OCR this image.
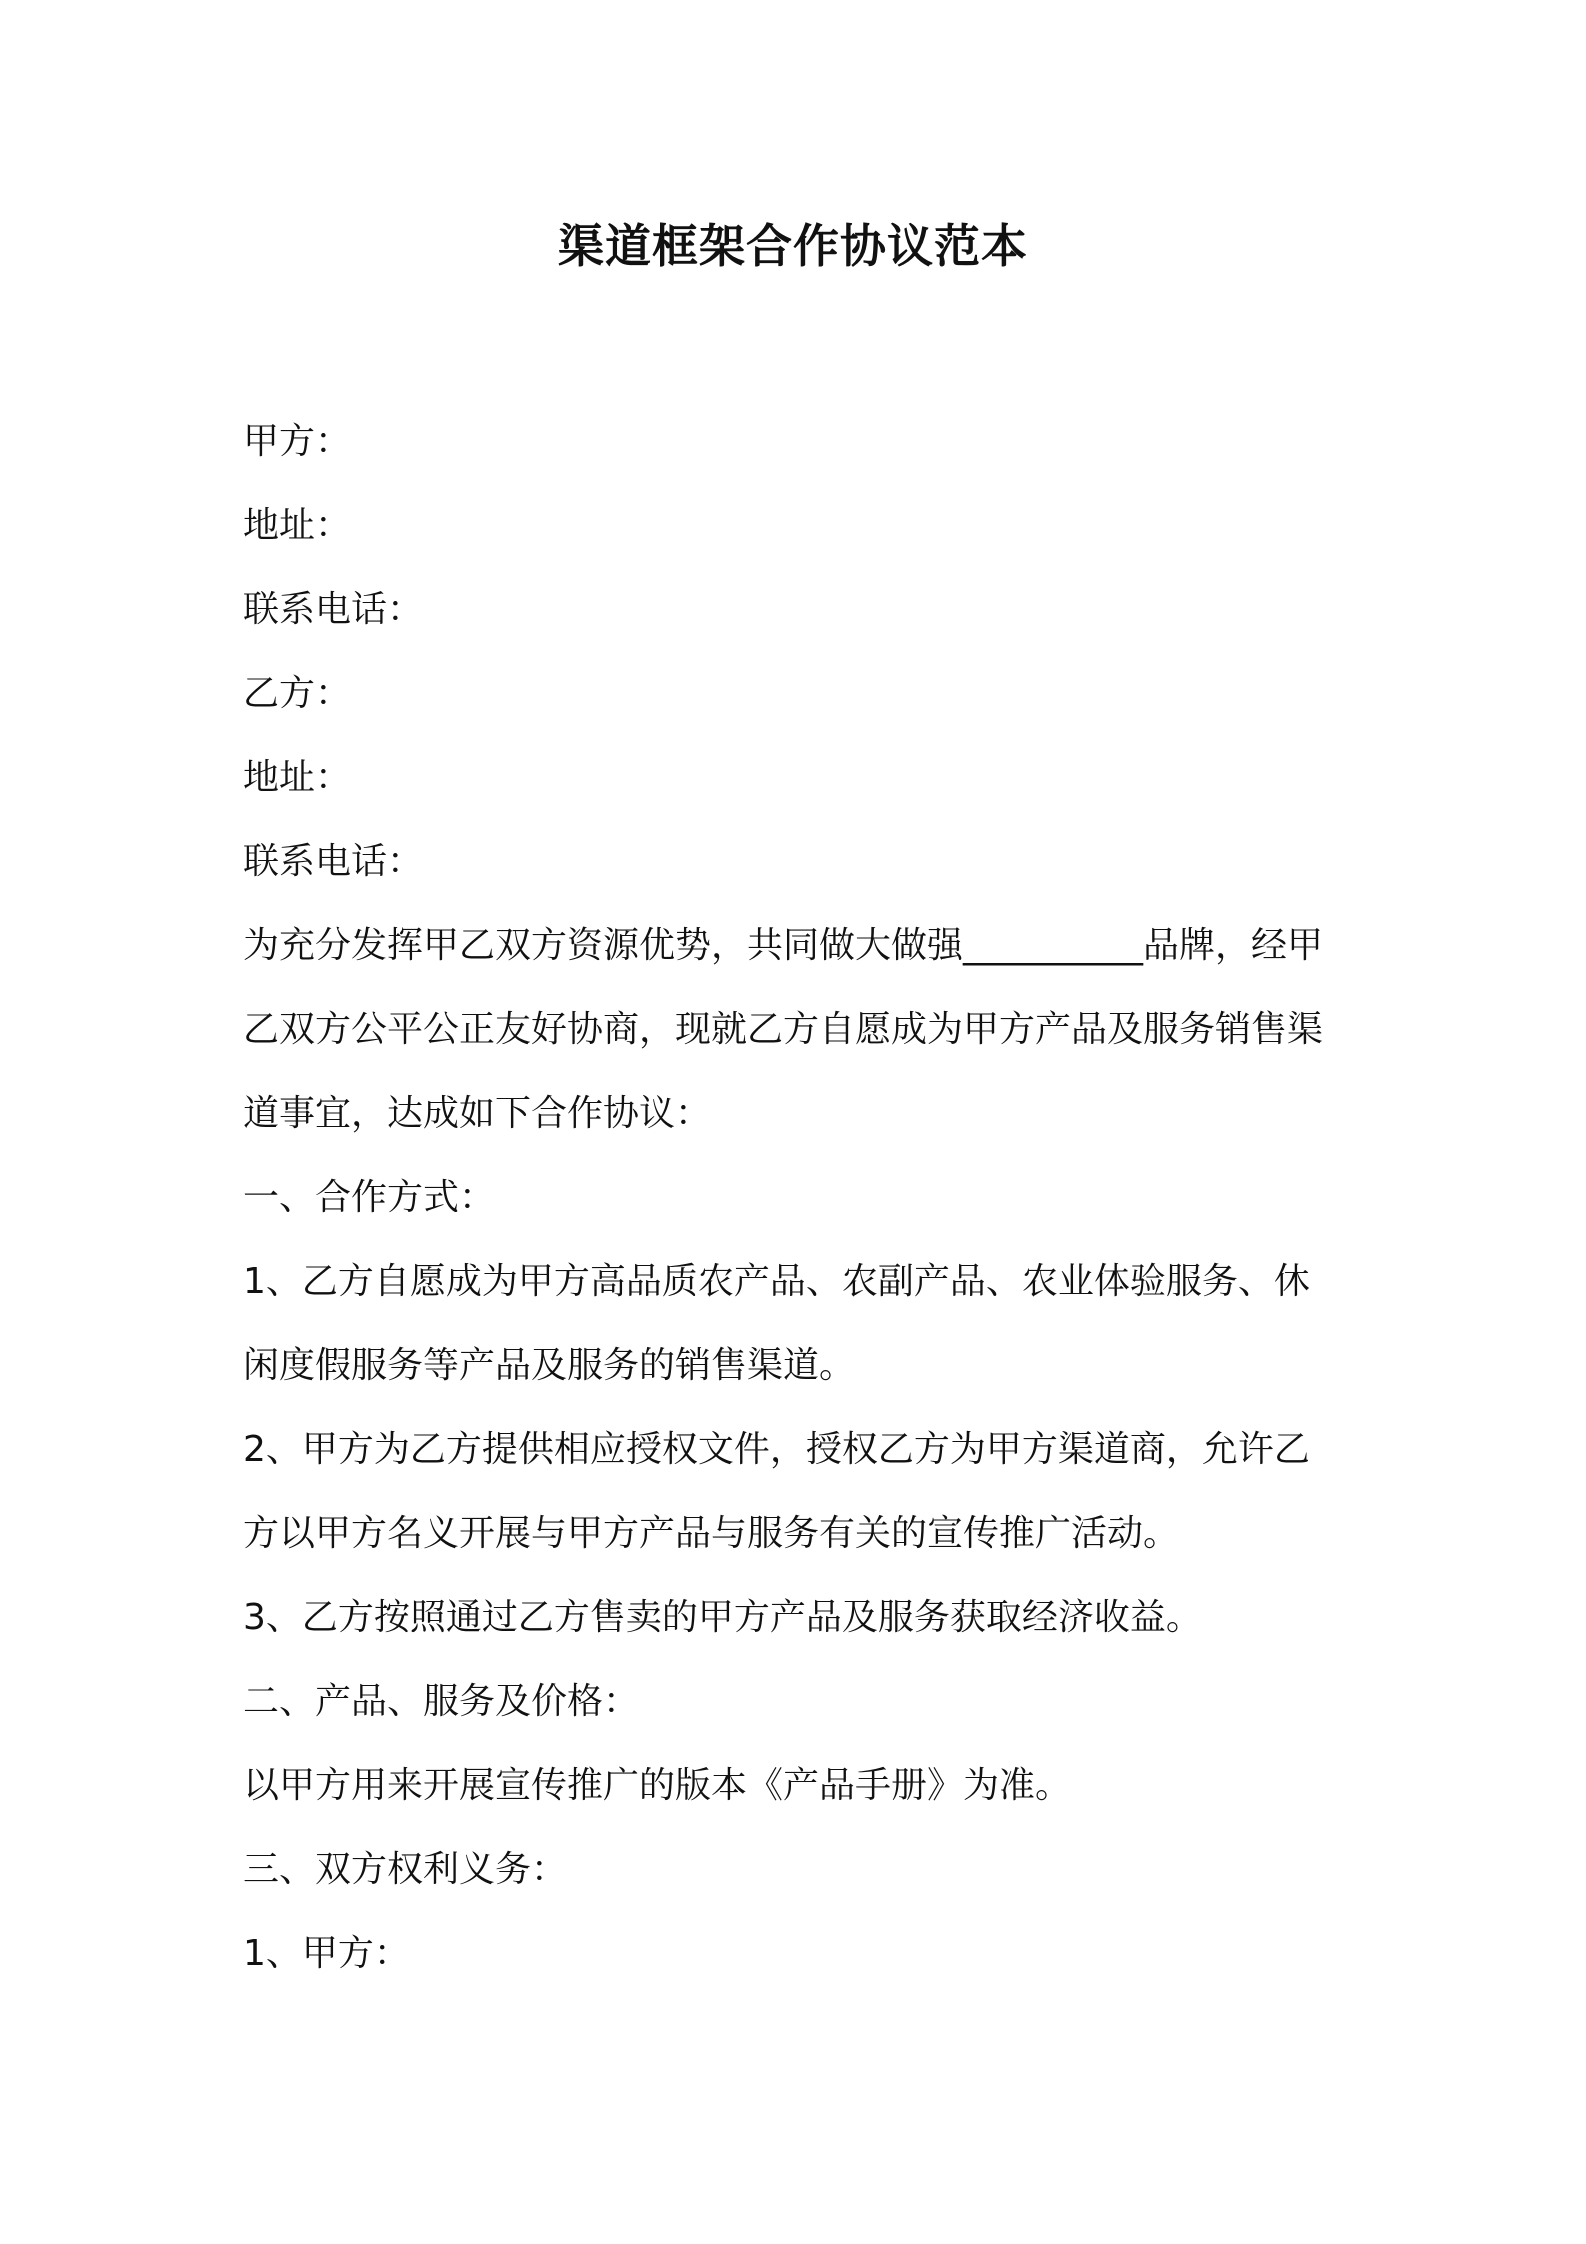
渠道框架合作协议范本
甲方：
地址：
联系电话：
乙方：
地址：
联系电话：
为充分发挥甲乙双方资源优势，共同做大做强__________品牌，经甲
乙双方公平公正友好协商，现就乙方自愿成为甲方产品及服务销售渠
道事宜，达成如下合作协议：
一、合作方式：
1、乙方自愿成为甲方高品质农产品、农副产品、农业体验服务、休
闲度假服务等产品及服务的销售渠道。
2、甲方为乙方提供相应授权文件，授权乙方为甲方渠道商，允许乙
方以甲方名义开展与甲方产品与服务有关的宣传推广活动。
3、乙方按照通过乙方售卖的甲方产品及服务获取经济收益。
二、产品、服务及价格：
以甲方用来开展宣传推广的版本《产品手册》为准。
三、双方权利义务：
1、甲方：
